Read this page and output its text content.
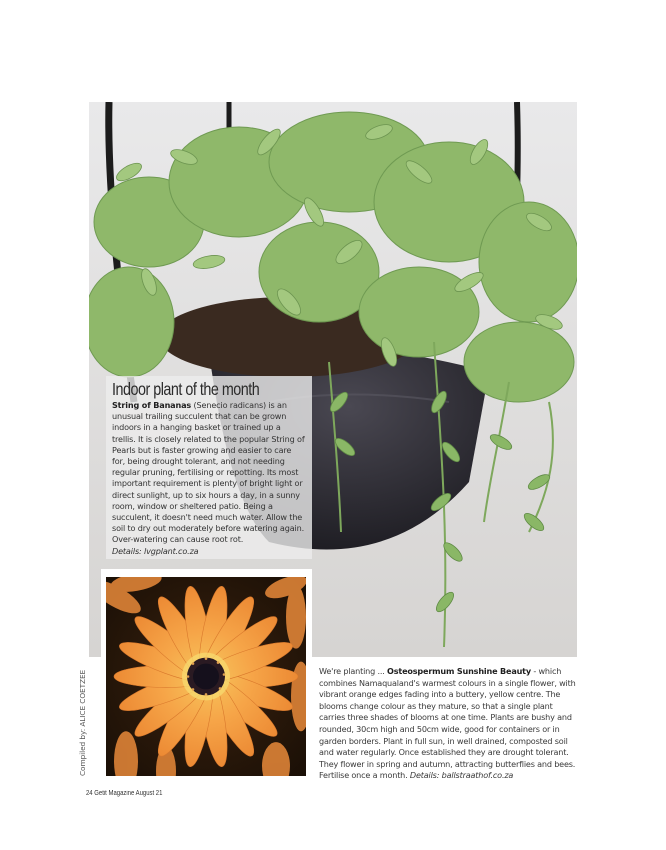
Indoor plant of the month
String of Bananas (Senecio radicans) is an unusual trailing succulent that can be grown indoors in a hanging basket or trained up a trellis. It is closely related to the popular String of Pearls but is faster growing and easier to care for, being drought tolerant, and not needing regular pruning, fertilising or repotting. Its most important requirement is plenty of bright light or direct sunlight, up to six hours a day, in a sunny room, window or sheltered patio. Being a succulent, it doesn't need much water. Allow the soil to dry out moderately before watering again. Over-watering can cause root rot.
Details: lvgplant.co.za
We're planting ... Osteospermum Sunshine Beauty - which combines Namaqualand's warmest colours in a single flower, with vibrant orange edges fading into a buttery, yellow centre. The blooms change colour as they mature, so that a single plant carries three shades of blooms at one time. Plants are bushy and rounded, 30cm high and 50cm wide, good for containers or in garden borders. Plant in full sun, in well drained, composted soil and water regularly. Once established they are drought tolerant. They flower in spring and autumn, attracting butterflies and bees. Fertilise once a month. Details: ballstraathof.co.za
Compiled by: ALICE COETZEE
24 Getit Magazine August 21
